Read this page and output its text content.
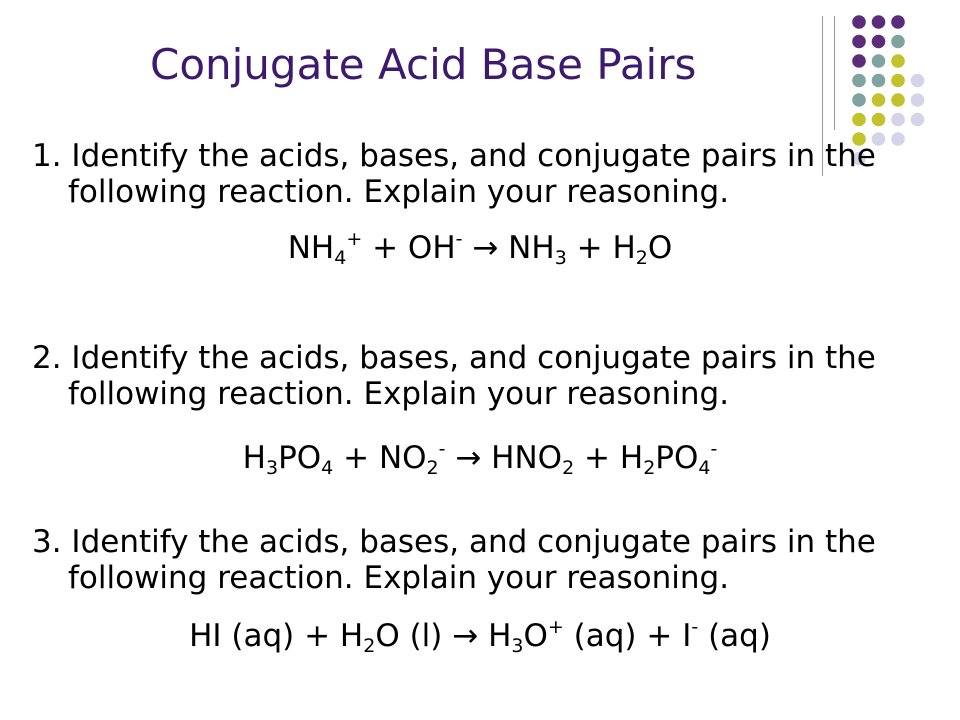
Conjugate Acid Base Pairs

1. Identify the acids, bases, and conjugate pairs in the following reaction. Explain your reasoning.

$NH_4^+ + OH^- \to NH_3 + H_2O$

2. Identify the acids, bases, and conjugate pairs in the following reaction. Explain your reasoning.

$H_3PO_4 + NO_2^- \to HNO_2 + H_2PO_4^-$

3. Identify the acids, bases, and conjugate pairs in the following reaction. Explain your reasoning.

HI $(aq) + H_2O$ $(l) \to H_3O^+$ (aq) + I- (aq)
